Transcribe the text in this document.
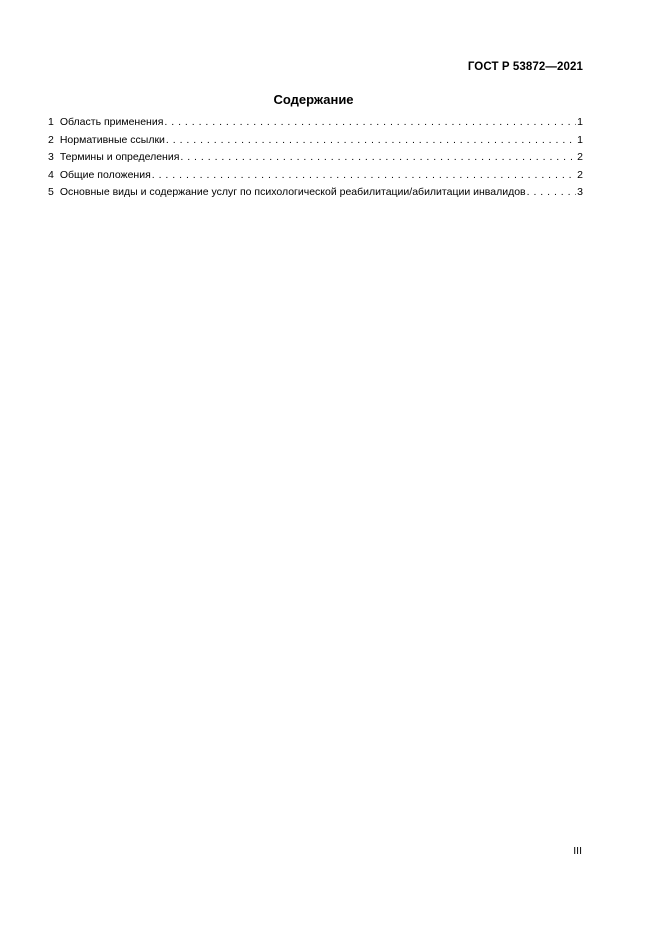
ГОСТ Р 53872—2021
Содержание
1 Область применения . . .	1
2 Нормативные ссылки . . .	1
3 Термины и определения . . .	2
4 Общие положения . . .	2
5 Основные виды и содержание услуг по психологической реабилитации/абилитации инвалидов . . .	3
III
